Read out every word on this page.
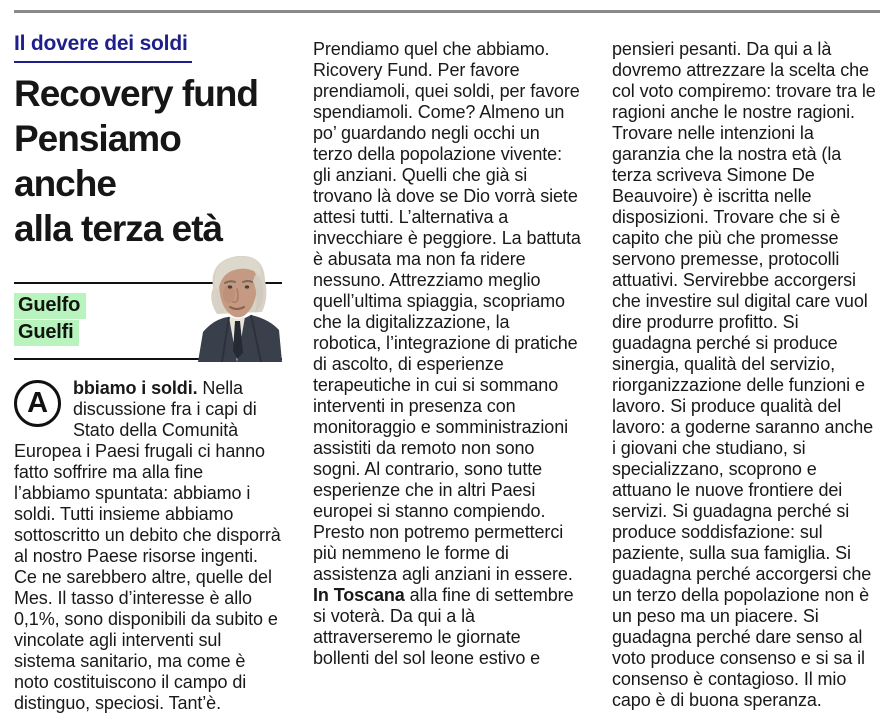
Il dovere dei soldi
Recovery fund
Pensiamo anche
alla terza età
Guelfo
Guelfi

A bbiamo i soldi. Nella discussione fra i capi di Stato della Comunità Europea i Paesi frugali ci hanno fatto soffrire ma alla fine l’abbiamo spuntata: abbiamo i soldi. Tutti insieme abbiamo sottoscritto un debito che disporrà al nostro Paese risorse ingenti. Ce ne sarebbero altre, quelle del Mes. Il tasso d’interesse è allo 0,1%, sono disponibili da subito e vincolate agli interventi sul sistema sanitario, ma come è noto costituiscono il campo di distinguo, speciosi. Tant’è.

Prendiamo quel che abbiamo. Ricovery Fund. Per favore prendiamoli, quei soldi, per favore spendiamoli. Come? Almeno un po’ guardando negli occhi un terzo della popolazione vivente: gli anziani. Quelli che già si trovano là dove se Dio vorrà siete attesi tutti. L’alternativa a invecchiare è peggiore. La battuta è abusata ma non fa ridere nessuno. Attrezziamo meglio quell’ultima spiaggia, scopriamo che la digitalizzazione, la robotica, l’integrazione di pratiche di ascolto, di esperienze terapeutiche in cui si sommano interventi in presenza con monitoraggio e somministrazioni assistiti da remoto non sono sogni. Al contrario, sono tutte esperienze che in altri Paesi europei si stanno compiendo. Presto non potremo permetterci più nemmeno le forme di assistenza agli anziani in essere. In Toscana alla fine di settembre si voterà. Da qui a là attraverseremo le giornate bollenti del sol leone estivo e

pensieri pesanti. Da qui a là dovremo attrezzare la scelta che col voto compiremo: trovare tra le ragioni anche le nostre ragioni. Trovare nelle intenzioni la garanzia che la nostra età (la terza scriveva Simone De Beauvoire) è iscritta nelle disposizioni. Trovare che si è capito che più che promesse servono premesse, protocolli attuativi. Servirebbe accorgersi che investire sul digital care vuol dire produrre profitto. Si guadagna perché si produce sinergia, qualità del servizio, riorganizzazione delle funzioni e lavoro. Si produce qualità del lavoro: a goderne saranno anche i giovani che studiano, si specializzano, scoprono e attuano le nuove frontiere dei servizi. Si guadagna perché si produce soddisfazione: sul paziente, sulla sua famiglia. Si guadagna perché accorgersi che un terzo della popolazione non è un peso ma un piacere. Si guadagna perché dare senso al voto produce consenso e si sa il consenso è contagioso. Il mio capo è di buona speranza.
